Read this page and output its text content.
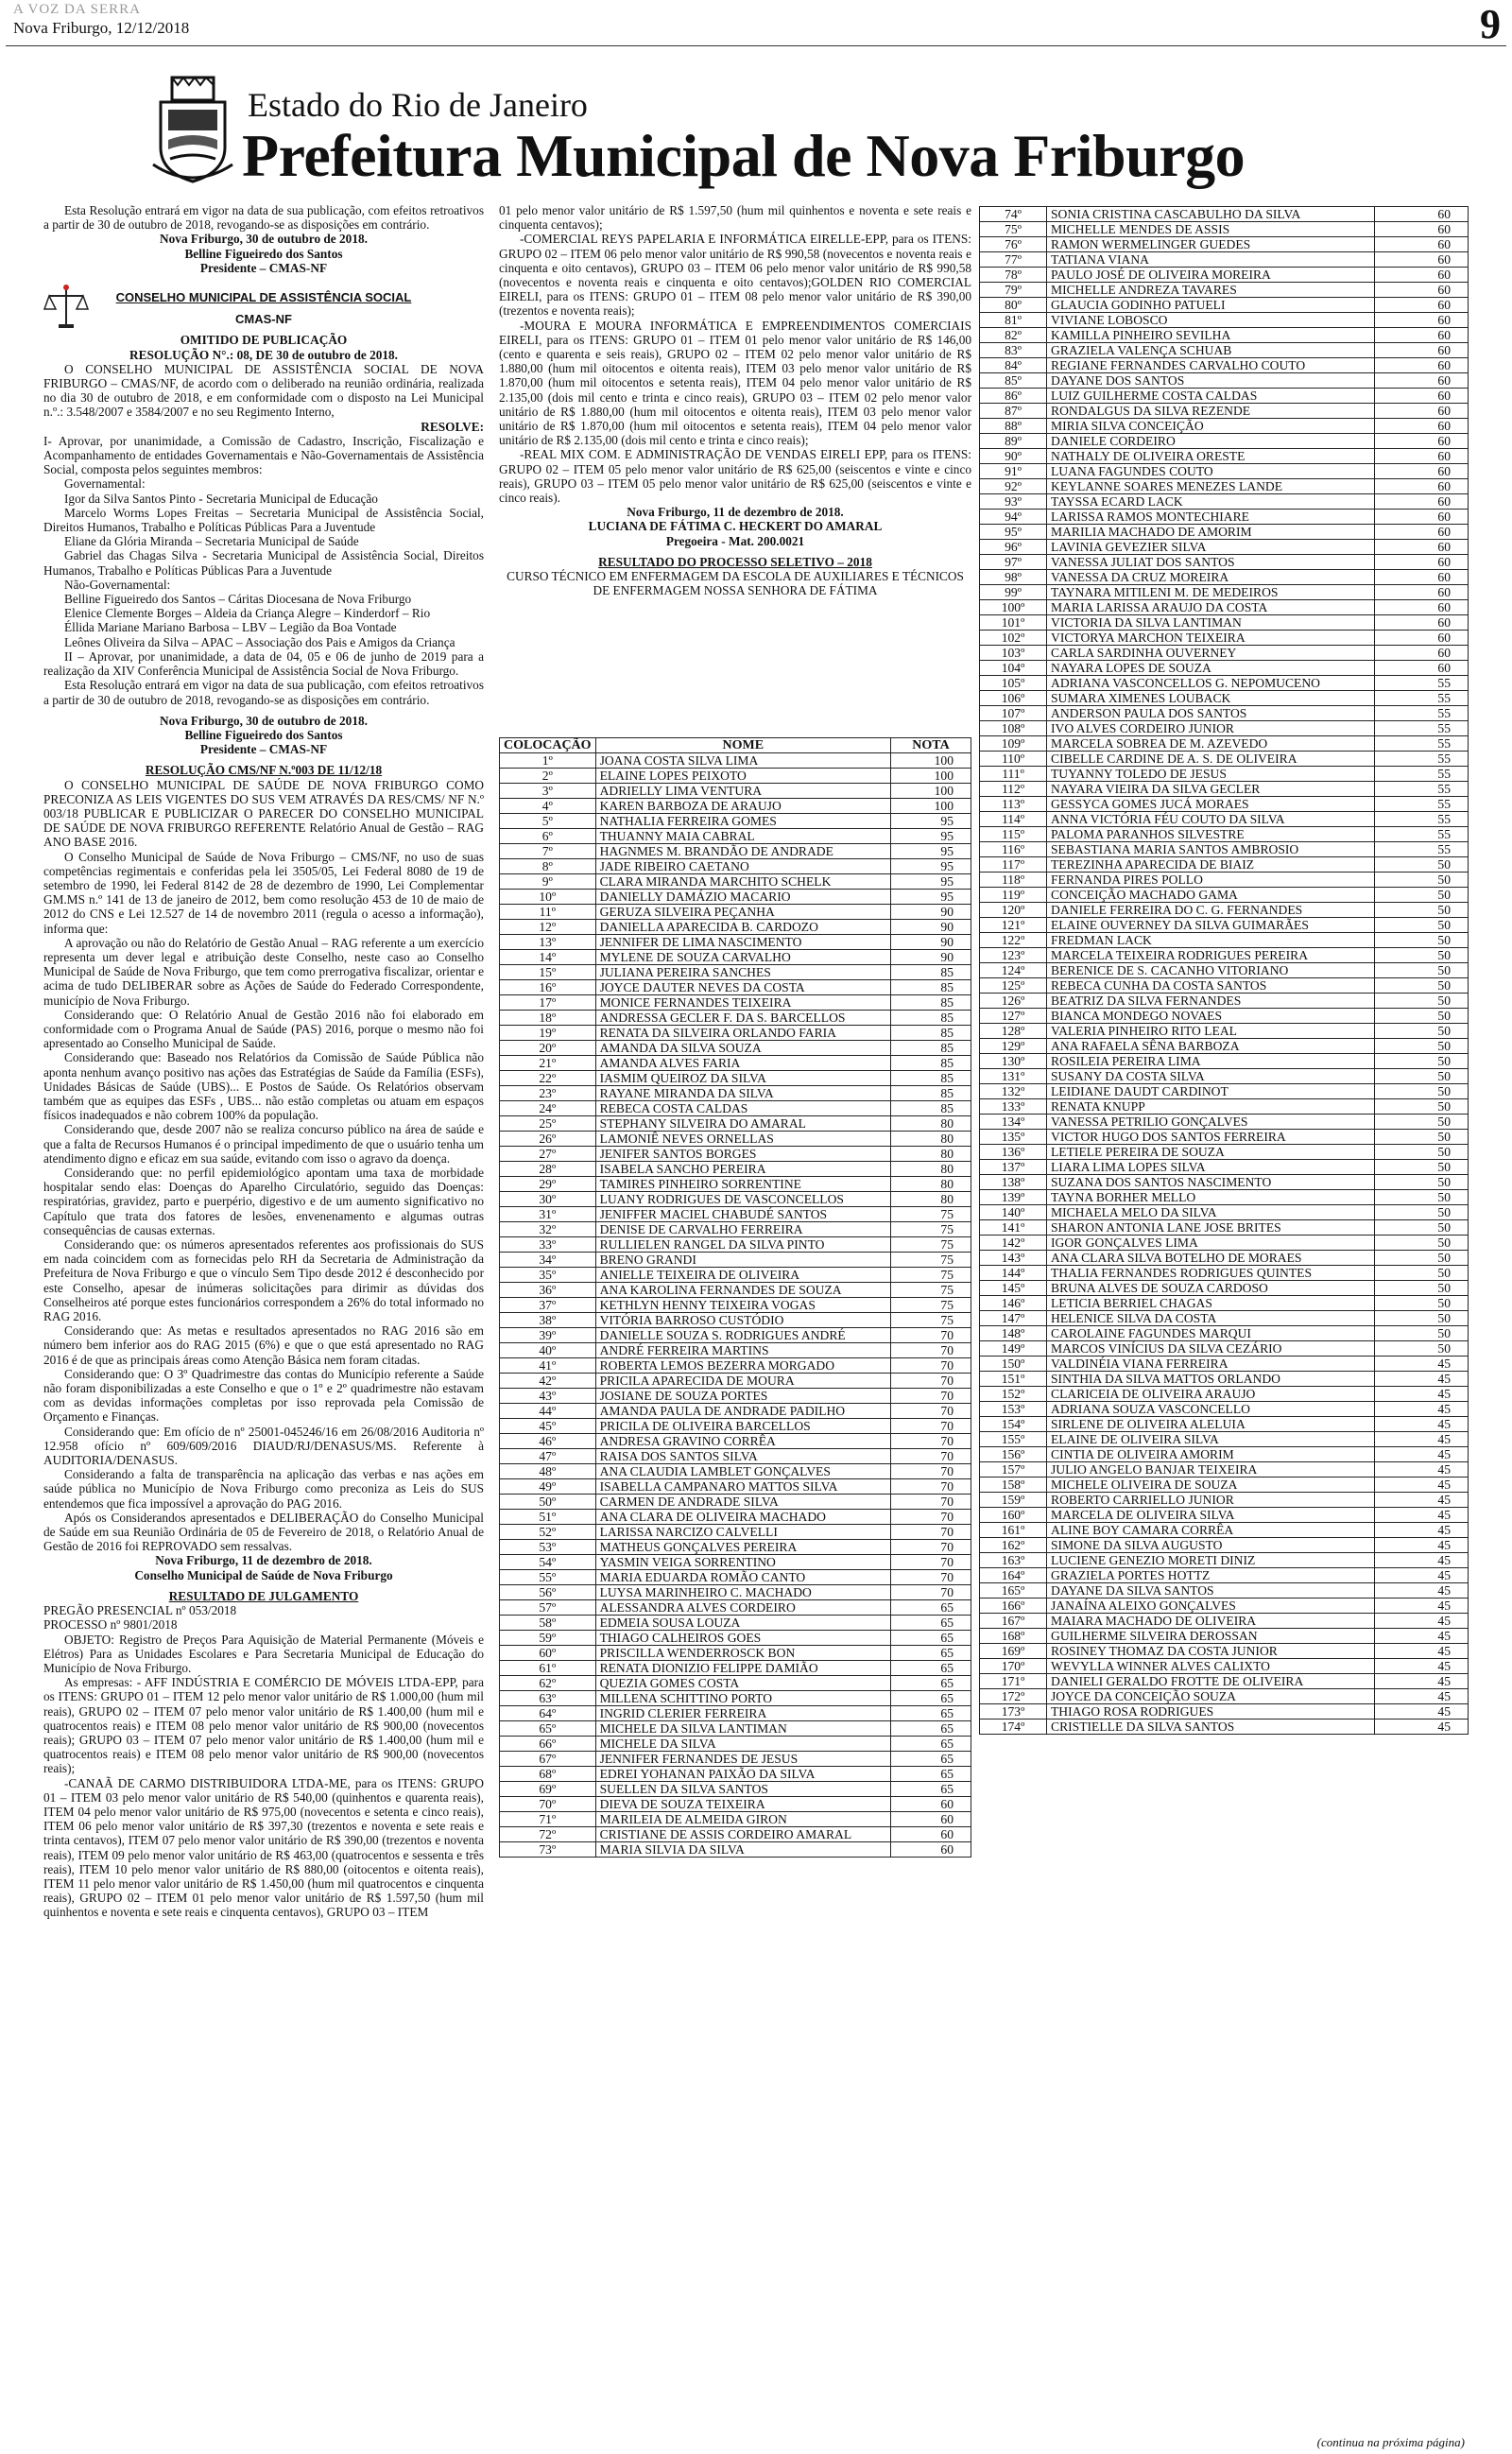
A VOZ DA SERRA
Nova Friburgo, 12/12/2018	9
Estado do Rio de Janeiro
Prefeitura Municipal de Nova Friburgo

Esta Resolução entrará em vigor na data de sua publicação, com efeitos retroativos a partir de 30 de outubro de 2018, revogando-se as disposições em contrário.

Nova Friburgo, 30 de outubro de 2018.

Belline Figueiredo dos Santos

Presidente – CMAS-NF

CONSELHO MUNICIPAL DE ASSISTÊNCIA SOCIAL
CMAS-NF

OMITIDO DE PUBLICAÇÃO

RESOLUÇÃO N°.: 08, DE 30 de outubro de 2018.

O CONSELHO MUNICIPAL DE ASSISTÊNCIA SOCIAL DE NOVA FRIBURGO – CMAS/NF, de acordo com o deliberado na reunião ordinária, realizada no dia 30 de outubro de 2018, e em conformidade com o disposto na Lei Municipal n.º.: 3.548/2007 e 3584/2007 e no seu Regimento Interno,

RESOLVE:

I- Aprovar, por unanimidade, a Comissão de Cadastro, Inscrição, Fiscalização e Acompanhamento de entidades Governamentais e Não-Governamentais de Assistência Social, composta pelos seguintes membros:

Governamental:

Igor da Silva Santos Pinto - Secretaria Municipal de Educação

Marcelo Worms Lopes Freitas – Secretaria Municipal de Assistência Social, Direitos Humanos, Trabalho e Políticas Públicas Para a Juventude

Eliane da Glória Miranda – Secretaria Municipal de Saúde

Gabriel das Chagas Silva - Secretaria Municipal de Assistência Social, Direitos Humanos, Trabalho e Políticas Públicas Para a Juventude

Não-Governamental:

Belline Figueiredo dos Santos – Cáritas Diocesana de Nova Friburgo

Elenice Clemente Borges – Aldeia da Criança Alegre – Kinderdorf – Rio

Éllida Mariane Mariano Barbosa – LBV – Legião da Boa Vontade

Leônes Oliveira da Silva – APAC – Associação dos Pais e Amigos da Criança

II – Aprovar, por unanimidade, a data de 04, 05 e 06 de junho de 2019 para a realização da XIV Conferência Municipal de Assistência Social de Nova Friburgo.

Esta Resolução entrará em vigor na data de sua publicação, com efeitos retroativos a partir de 30 de outubro de 2018, revogando-se as disposições em contrário.

Nova Friburgo, 30 de outubro de 2018.

Belline Figueiredo dos Santos

Presidente – CMAS-NF

RESOLUÇÃO CMS/NF N.º003 DE 11/12/18

O CONSELHO MUNICIPAL DE SAÚDE DE NOVA FRIBURGO COMO PRECONIZA AS LEIS VIGENTES DO SUS VEM ATRAVÉS DA RES/CMS/ NF N.º 003/18 PUBLICAR E PUBLICIZAR O PARECER DO CONSELHO MUNICIPAL DE SAÚDE DE NOVA FRIBURGO REFERENTE Relatório Anual de Gestão – RAG ANO BASE 2016.

O Conselho Municipal de Saúde de Nova Friburgo – CMS/NF, no uso de suas competências regimentais e conferidas pela lei 3505/05, Lei Federal 8080 de 19 de setembro de 1990, lei Federal 8142 de 28 de dezembro de 1990, Lei Complementar GM.MS n.º 141 de 13 de janeiro de 2012, bem como resolução 453 de 10 de maio de 2012 do CNS e Lei 12.527 de 14 de novembro 2011 (regula o acesso a informação), informa que:

A aprovação ou não do Relatório de Gestão Anual – RAG referente a um exercício representa um dever legal e atribuição deste Conselho, neste caso ao Conselho Municipal de Saúde de Nova Friburgo, que tem como prerrogativa fiscalizar, orientar e acima de tudo DELIBERAR sobre as Ações de Saúde do Federado Correspondente, município de Nova Friburgo.

Considerando que: O Relatório Anual de Gestão 2016 não foi elaborado em conformidade com o Programa Anual de Saúde (PAS) 2016, porque o mesmo não foi apresentado ao Conselho Municipal de Saúde.

Considerando que: Baseado nos Relatórios da Comissão de Saúde Pública não aponta nenhum avanço positivo nas ações das Estratégias de Saúde da Família (ESFs), Unidades Básicas de Saúde (UBS)... E Postos de Saúde. Os Relatórios observam também que as equipes das ESFs , UBS... não estão completas ou atuam em espaços físicos inadequados e não cobrem 100% da população.

Considerando que, desde 2007 não se realiza concurso público na área de saúde e que a falta de Recursos Humanos é o principal impedimento de que o usuário tenha um atendimento digno e eficaz em sua saúde, evitando com isso o agravo da doença.

Considerando que: no perfil epidemiológico apontam uma taxa de morbidade hospitalar sendo elas: Doenças do Aparelho Circulatório, seguido das Doenças: respiratórias, gravidez, parto e puerpério, digestivo e de um aumento significativo no Capítulo que trata dos fatores de lesões, envenenamento e algumas outras consequências de causas externas.

Considerando que: os números apresentados referentes aos profissionais do SUS em nada coincidem com as fornecidas pelo RH da Secretaria de Administração da Prefeitura de Nova Friburgo e que o vínculo Sem Tipo desde 2012 é desconhecido por este Conselho, apesar de inúmeras solicitações para dirimir as dúvidas dos Conselheiros até porque estes funcionários correspondem a 26% do total informado no RAG 2016.

Considerando que: As metas e resultados apresentados no RAG 2016 são em número bem inferior aos do RAG 2015 (6%) e que o que está apresentado no RAG 2016 é de que as principais áreas como Atenção Básica nem foram citadas.

Considerando que: O 3º Quadrimestre das contas do Município referente a Saúde não foram disponibilizadas a este Conselho e que o 1º e 2º quadrimestre não estavam com as devidas informações completas por isso reprovada pela Comissão de Orçamento e Finanças.

Considerando que: Em ofício de nº 25001-045246/16 em 26/08/2016 Auditoria nº 12.958 ofício nº 609/609/2016 DIAUD/RJ/DENASUS/MS. Referente à AUDITORIA/DENASUS.

Considerando a falta de transparência na aplicação das verbas e nas ações em saúde pública no Município de Nova Friburgo como preconiza as Leis do SUS entendemos que fica impossível a aprovação do PAG 2016.

Após os Considerandos apresentados e DELIBERAÇÃO do Conselho Municipal de Saúde em sua Reunião Ordinária de 05 de Fevereiro de 2018, o Relatório Anual de Gestão de 2016 foi REPROVADO sem ressalvas.

Nova Friburgo, 11 de dezembro de 2018.

Conselho Municipal de Saúde de Nova Friburgo

RESULTADO DE JULGAMENTO

PREGÃO PRESENCIAL nº 053/2018

PROCESSO nº 9801/2018

OBJETO: Registro de Preços Para Aquisição de Material Permanente (Móveis e Elétros) Para as Unidades Escolares e Para Secretaria Municipal de Educação do Município de Nova Friburgo.

As empresas: - AFF INDÚSTRIA E COMÉRCIO DE MÓVEIS LTDA-EPP, para os ITENS: GRUPO 01 – ITEM 12 pelo menor valor unitário de R$ 1.000,00 (hum mil reais), GRUPO 02 – ITEM 07 pelo menor valor unitário de R$ 1.400,00 (hum mil e quatrocentos reais) e ITEM 08 pelo menor valor unitário de R$ 900,00 (novecentos reais); GRUPO 03 – ITEM 07 pelo menor valor unitário de R$ 1.400,00 (hum mil e quatrocentos reais) e ITEM 08 pelo menor valor unitário de R$ 900,00 (novecentos reais);

-CANAÃ DE CARMO DISTRIBUIDORA LTDA-ME, para os ITENS: GRUPO 01 – ITEM 03 pelo menor valor unitário de R$ 540,00 (quinhentos e quarenta reais), ITEM 04 pelo menor valor unitário de R$ 975,00 (novecentos e setenta e cinco reais), ITEM 06 pelo menor valor unitário de R$ 397,30 (trezentos e noventa e sete reais e trinta centavos), ITEM 07 pelo menor valor unitário de R$ 390,00 (trezentos e noventa reais), ITEM 09 pelo menor valor unitário de R$ 463,00 (quatrocentos e sessenta e três reais), ITEM 10 pelo menor valor unitário de R$ 880,00 (oitocentos e oitenta reais), ITEM 11 pelo menor valor unitário de R$ 1.450,00 (hum mil quatrocentos e cinquenta reais), GRUPO 02 – ITEM 01 pelo menor valor unitário de R$ 1.597,50 (hum mil quinhentos e noventa e sete reais e cinquenta centavos), GRUPO 03 – ITEM

01 pelo menor valor unitário de R$ 1.597,50 (hum mil quinhentos e noventa e sete reais e cinquenta centavos);

-COMERCIAL REYS PAPELARIA E INFORMÁTICA EIRELLE-EPP, para os ITENS: GRUPO 02 – ITEM 06 pelo menor valor unitário de R$ 990,58 (novecentos e noventa reais e cinquenta e oito centavos), GRUPO 03 – ITEM 06 pelo menor valor unitário de R$ 990,58 (novecentos e noventa reais e cinquenta e oito centavos);GOLDEN RIO COMERCIAL EIRELI, para os ITENS: GRUPO 01 – ITEM 08 pelo menor valor unitário de R$ 390,00 (trezentos e noventa reais);

-MOURA E MOURA INFORMÁTICA E EMPREENDIMENTOS COMERCIAIS EIRELI, para os ITENS: GRUPO 01 – ITEM 01 pelo menor valor unitário de R$ 146,00 (cento e quarenta e seis reais), GRUPO 02 – ITEM 02 pelo menor valor unitário de R$ 1.880,00 (hum mil oitocentos e oitenta reais), ITEM 03 pelo menor valor unitário de R$ 1.870,00 (hum mil oitocentos e setenta reais), ITEM 04 pelo menor valor unitário de R$ 2.135,00 (dois mil cento e trinta e cinco reais), GRUPO 03 – ITEM 02 pelo menor valor unitário de R$ 1.880,00 (hum mil oitocentos e oitenta reais), ITEM 03 pelo menor valor unitário de R$ 1.870,00 (hum mil oitocentos e setenta reais), ITEM 04 pelo menor valor unitário de R$ 2.135,00 (dois mil cento e trinta e cinco reais);

-REAL MIX COM. E ADMINISTRAÇÃO DE VENDAS EIRELI EPP, para os ITENS: GRUPO 02 – ITEM 05 pelo menor valor unitário de R$ 625,00 (seiscentos e vinte e cinco reais), GRUPO 03 – ITEM 05 pelo menor valor unitário de R$ 625,00 (seiscentos e vinte e cinco reais).

Nova Friburgo, 11 de dezembro de 2018.

LUCIANA DE FÁTIMA C. HECKERT DO AMARAL

Pregoeira - Mat. 200.0021

RESULTADO DO PROCESSO SELETIVO – 2018

CURSO TÉCNICO EM ENFERMAGEM DA ESCOLA DE AUXILIARES E TÉCNICOS DE ENFERMAGEM NOSSA SENHORA DE FÁTIMA

COLOCAÇÃO	NOME	NOTA
1º	JOANA COSTA SILVA LIMA	100
2º	ELAINE LOPES PEIXOTO	100
3º	ADRIELLY LIMA VENTURA	100
4º	KAREN BARBOZA DE ARAUJO	100
5º	NATHALIA FERREIRA GOMES	95
6º	THUANNY MAIA CABRAL	95
7º	HAGNMES M. BRANDÃO DE ANDRADE	95
8º	JADE RIBEIRO CAETANO	95
9º	CLARA MIRANDA MARCHITO SCHELK	95
10º	DANIELLY DAMÁZIO MACARIO	95
11º	GERUZA SILVEIRA PEÇANHA	90
12º	DANIELLA APARECIDA B. CARDOZO	90
13º	JENNIFER DE LIMA NASCIMENTO	90
14º	MYLENE DE SOUZA CARVALHO	90
15º	JULIANA PEREIRA SANCHES	85
16º	JOYCE DAUTER NEVES DA COSTA	85
17º	MONICE FERNANDES TEIXEIRA	85
18º	ANDRESSA GECLER F. DA S. BARCELLOS	85
19º	RENATA DA SILVEIRA ORLANDO FARIA	85
20º	AMANDA DA SILVA SOUZA	85
21º	AMANDA ALVES FARIA	85
22º	IASMIM QUEIROZ DA SILVA	85
23º	RAYANE MIRANDA DA SILVA	85
24º	REBECA COSTA CALDAS	85
25º	STEPHANY SILVEIRA DO AMARAL	80
26º	LAMONIÊ NEVES ORNELLAS	80
27º	JENIFER SANTOS BORGES	80
28º	ISABELA SANCHO PEREIRA	80
29º	TAMIRES PINHEIRO SORRENTINE	80
30º	LUANY RODRIGUES DE VASCONCELLOS	80
31º	JENIFFER MACIEL CHABUDÉ SANTOS	75
32º	DENISE DE CARVALHO FERREIRA	75
33º	RULLIELEN RANGEL DA SILVA PINTO	75
34º	BRENO GRANDI	75
35º	ANIELLE TEIXEIRA DE OLIVEIRA	75
36º	ANA KAROLINA FERNANDES DE SOUZA	75
37º	KETHLYN HENNY TEIXEIRA VOGAS	75
38º	VITÓRIA BARROSO CUSTÓDIO	75
39º	DANIELLE SOUZA S. RODRIGUES ANDRÉ	70
40º	ANDRÉ FERREIRA MARTINS	70
41º	ROBERTA LEMOS BEZERRA MORGADO	70
42º	PRICILA APARECIDA DE MOURA	70
43º	JOSIANE DE SOUZA PORTES	70
44º	AMANDA PAULA DE ANDRADE PADILHO	70
45º	PRICILA DE OLIVEIRA BARCELLOS	70
46º	ANDRESA GRAVINO CORRÊA	70
47º	RAISA DOS SANTOS SILVA	70
48º	ANA CLAUDIA LAMBLET GONÇALVES	70
49º	ISABELLA CAMPANARO MATTOS SILVA	70
50º	CARMEN DE ANDRADE SILVA	70
51º	ANA CLARA DE OLIVEIRA MACHADO	70
52º	LARISSA NARCIZO CALVELLI	70
53º	MATHEUS GONÇALVES PEREIRA	70
54º	YASMIN VEIGA SORRENTINO	70
55º	MARIA EDUARDA ROMÃO CANTO	70
56º	LUYSA MARINHEIRO C. MACHADO	70
57º	ALESSANDRA ALVES CORDEIRO	65
58º	EDMEIA SOUSA LOUZA	65
59º	THIAGO CALHEIROS GOES	65
60º	PRISCILLA WENDERROSCK BON	65
61º	RENATA DIONIZIO FELIPPE DAMIÃO	65
62º	QUEZIA GOMES COSTA	65
63º	MILLENA SCHITTINO PORTO	65
64º	INGRID CLERIER FERREIRA	65
65º	MICHELE DA SILVA LANTIMAN	65
66º	MICHELE DA SILVA	65
67º	JENNIFER FERNANDES DE JESUS	65
68º	EDREI YOHANAN PAIXÃO DA SILVA	65
69º	SUELLEN DA SILVA SANTOS	65
70º	DIEVA DE SOUZA TEIXEIRA	60
71º	MARILEIA DE ALMEIDA GIRON	60
72º	CRISTIANE DE ASSIS CORDEIRO AMARAL	60
73º	MARIA SILVIA DA SILVA	60
74º	SONIA CRISTINA CASCABULHO DA SILVA	60
75º	MICHELLE MENDES DE ASSIS	60
76º	RAMON WERMELINGER GUEDES	60
77º	TATIANA VIANA	60
78º	PAULO JOSÉ DE OLIVEIRA MOREIRA	60
79º	MICHELLE ANDREZA TAVARES	60
80º	GLAUCIA GODINHO PATUELI	60
81º	VIVIANE LOBOSCO	60
82º	KAMILLA PINHEIRO SEVILHA	60
83º	GRAZIELA VALENÇA SCHUAB	60
84º	REGIANE FERNANDES CARVALHO COUTO	60
85º	DAYANE DOS SANTOS	60
86º	LUIZ GUILHERME COSTA CALDAS	60
87º	RONDALGUS DA SILVA REZENDE	60
88º	MIRIA SILVA CONCEIÇÃO	60
89º	DANIELE CORDEIRO	60
90º	NATHALY DE OLIVEIRA ORESTE	60
91º	LUANA FAGUNDES COUTO	60
92º	KEYLANNE SOARES MENEZES LANDE	60
93º	TAYSSA ECARD LACK	60
94º	LARISSA RAMOS MONTECHIARE	60
95º	MARILIA MACHADO DE AMORIM	60
96º	LAVINIA GEVEZIER SILVA	60
97º	VANESSA JULIAT DOS SANTOS	60
98º	VANESSA DA CRUZ MOREIRA	60
99º	TAYNARA MITILENI M. DE MEDEIROS	60
100º	MARIA LARISSA ARAUJO DA COSTA	60
101º	VICTORIA DA SILVA LANTIMAN	60
102º	VICTORYA MARCHON TEIXEIRA	60
103º	CARLA SARDINHA OUVERNEY	60
104º	NAYARA LOPES DE SOUZA	60
105º	ADRIANA VASCONCELLOS G. NEPOMUCENO	55
106º	SUMARA XIMENES LOUBACK	55
107º	ANDERSON PAULA DOS SANTOS	55
108º	IVO ALVES CORDEIRO JUNIOR	55
109º	MARCELA SOBREA DE M. AZEVEDO	55
110º	CIBELLE CARDINE DE A. S. DE OLIVEIRA	55
111º	TUYANNY TOLEDO DE JESUS	55
112º	NAYARA VIEIRA DA SILVA GECLER	55
113º	GESSYCA GOMES JUCÁ MORAES	55
114º	ANNA VICTÓRIA FÉU COUTO DA SILVA	55
115º	PALOMA PARANHOS SILVESTRE	55
116º	SEBASTIANA MARIA SANTOS AMBROSIO	55
117º	TEREZINHA APARECIDA DE BIAIZ	50
118º	FERNANDA PIRES POLLO	50
119º	CONCEIÇÃO MACHADO GAMA	50
120º	DANIELE FERREIRA DO C. G. FERNANDES	50
121º	ELAINE OUVERNEY DA SILVA GUIMARÃES	50
122º	FREDMAN LACK	50
123º	MARCELA TEIXEIRA RODRIGUES PEREIRA	50
124º	BERENICE DE S. CACANHO VITORIANO	50
125º	REBECA CUNHA DA COSTA SANTOS	50
126º	BEATRIZ DA SILVA FERNANDES	50
127º	BIANCA MONDEGO NOVAES	50
128º	VALERIA PINHEIRO RITO LEAL	50
129º	ANA RAFAELA SÊNA BARBOZA	50
130º	ROSILEIA PEREIRA LIMA	50
131º	SUSANY DA COSTA SILVA	50
132º	LEIDIANE DAUDT CARDINOT	50
133º	RENATA KNUPP	50
134º	VANESSA PETRILIO GONÇALVES	50
135º	VICTOR HUGO DOS SANTOS FERREIRA	50
136º	LETIELE PEREIRA DE SOUZA	50
137º	LIARA LIMA LOPES SILVA	50
138º	SUZANA DOS SANTOS NASCIMENTO	50
139º	TAYNA BORHER MELLO	50
140º	MICHAELA MELO DA SILVA	50
141º	SHARON ANTONIA LANE JOSE BRITES	50
142º	IGOR GONÇALVES LIMA	50
143º	ANA CLARA SILVA BOTELHO DE MORAES	50
144º	THALIA FERNANDES RODRIGUES QUINTES	50
145º	BRUNA ALVES DE SOUZA CARDOSO	50
146º	LETICIA BERRIEL CHAGAS	50
147º	HELENICE SILVA DA COSTA	50
148º	CAROLAINE FAGUNDES MARQUI	50
149º	MARCOS VINÍCIUS DA SILVA CEZÁRIO	50
150º	VALDINÉIA VIANA FERREIRA	45
151º	SINTHIA DA SILVA MATTOS ORLANDO	45
152º	CLARICEIA DE OLIVEIRA ARAUJO	45
153º	ADRIANA SOUZA VASCONCELLO	45
154º	SIRLENE DE OLIVEIRA ALELUIA	45
155º	ELAINE DE OLIVEIRA SILVA	45
156º	CINTIA DE OLIVEIRA AMORIM	45
157º	JULIO ANGELO BANJAR TEIXEIRA	45
158º	MICHELE OLIVEIRA DE SOUZA	45
159º	ROBERTO CARRIELLO JUNIOR	45
160º	MARCELA DE OLIVEIRA SILVA	45
161º	ALINE BOY CAMARA CORRÊA	45
162º	SIMONE DA SILVA AUGUSTO	45
163º	LUCIENE GENEZIO MORETI DINIZ	45
164º	GRAZIELA PORTES HOTTZ	45
165º	DAYANE DA SILVA SANTOS	45
166º	JANAÍNA ALEIXO GONÇALVES	45
167º	MAIARA MACHADO DE OLIVEIRA	45
168º	GUILHERME SILVEIRA DEROSSAN	45
169º	ROSINEY THOMAZ DA COSTA JUNIOR	45
170º	WEVYLLA WINNER ALVES CALIXTO	45
171º	DANIELI GERALDO FROTTE DE OLIVEIRA	45
172º	JOYCE DA CONCEIÇÃO SOUZA	45
173º	THIAGO ROSA RODRIGUES	45
174º	CRISTIELLE DA SILVA SANTOS	45
(continua na próxima página)
